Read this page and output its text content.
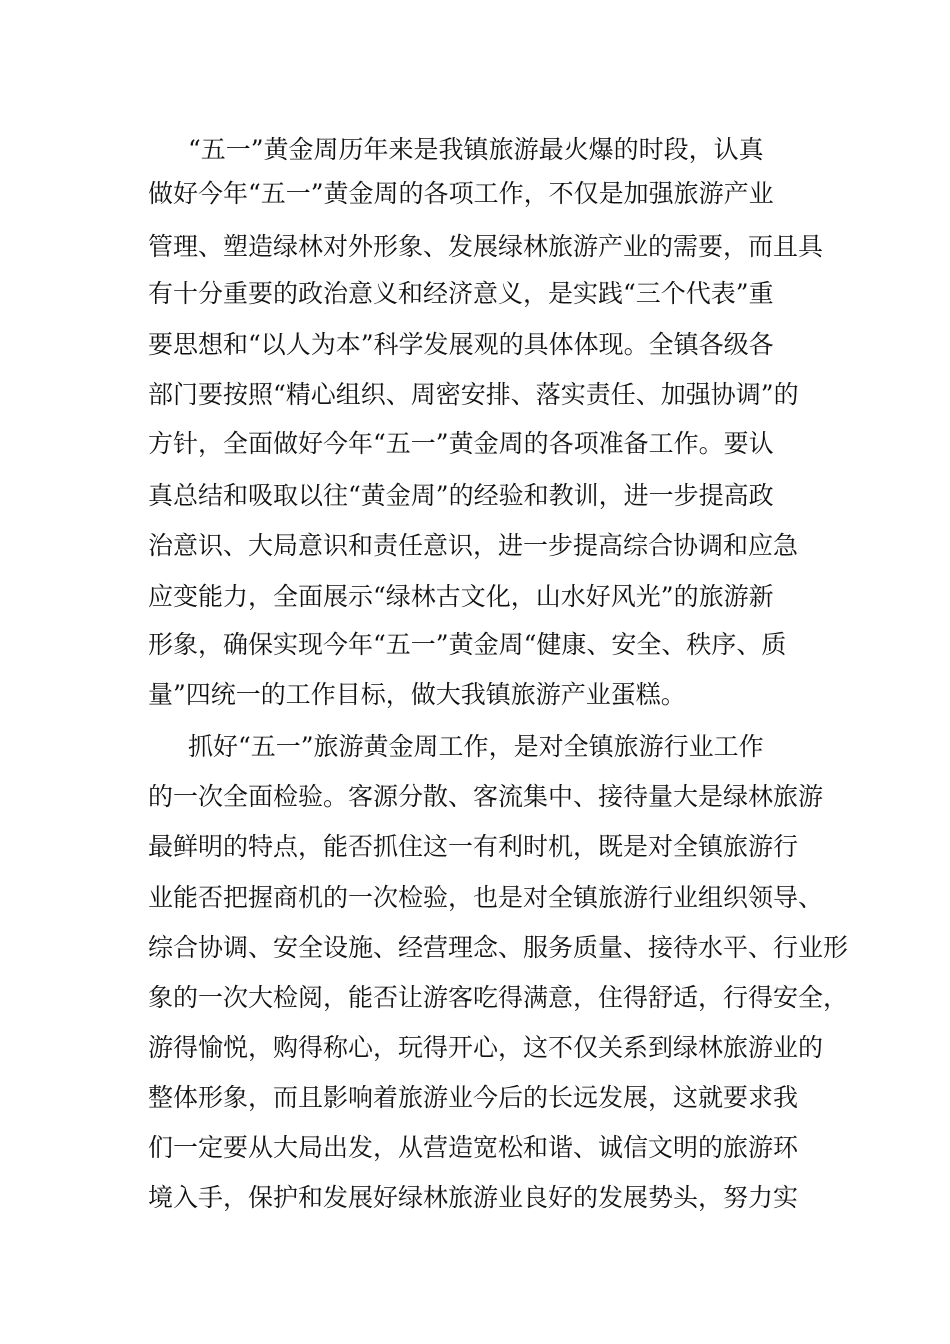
“五一”黄金周历年来是我镇旅游最火爆的时段，认真
做好今年“五一”黄金周的各项工作，不仅是加强旅游产业
管理、塑造绿林对外形象、发展绿林旅游产业的需要，而且具
有十分重要的政治意义和经济意义，是实践“三个代表”重
要思想和“以人为本”科学发展观的具体体现。全镇各级各
部门要按照“精心组织、周密安排、落实责任、加强协调”的
方针，全面做好今年“五一”黄金周的各项准备工作。要认
真总结和吸取以往“黄金周”的经验和教训，进一步提高政
治意识、大局意识和责任意识，进一步提高综合协调和应急
应变能力，全面展示“绿林古文化，山水好风光”的旅游新
形象，确保实现今年“五一”黄金周“健康、安全、秩序、质
量”四统一的工作目标，做大我镇旅游产业蛋糕。
抓好“五一”旅游黄金周工作，是对全镇旅游行业工作
的一次全面检验。客源分散、客流集中、接待量大是绿林旅游
最鲜明的特点，能否抓住这一有利时机，既是对全镇旅游行
业能否把握商机的一次检验，也是对全镇旅游行业组织领导、
综合协调、安全设施、经营理念、服务质量、接待水平、行业形
象的一次大检阅，能否让游客吃得满意，住得舒适，行得安全，
游得愉悦，购得称心，玩得开心，这不仅关系到绿林旅游业的
整体形象，而且影响着旅游业今后的长远发展，这就要求我
们一定要从大局出发，从营造宽松和谐、诚信文明的旅游环
境入手，保护和发展好绿林旅游业良好的发展势头，努力实
